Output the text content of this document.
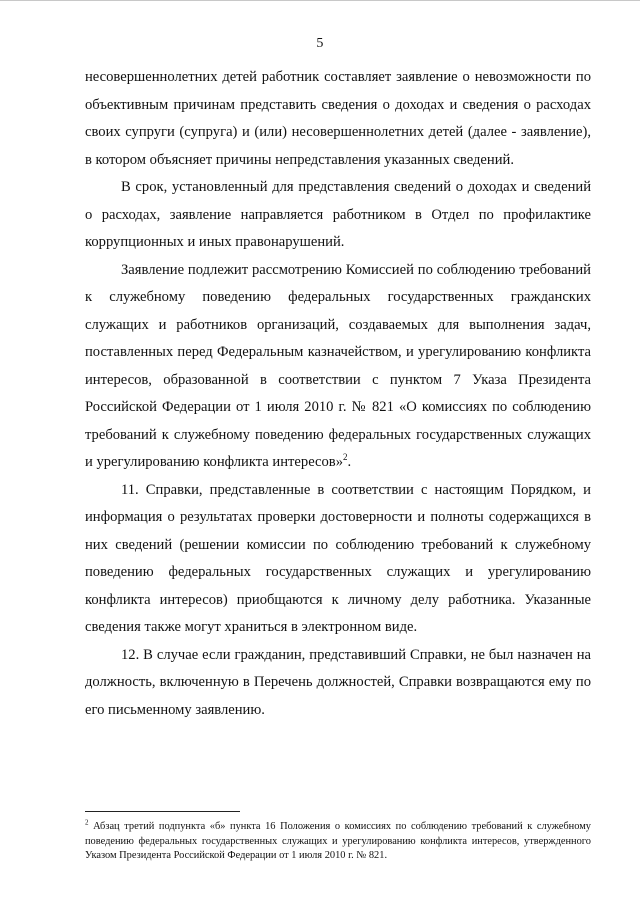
5

несовершеннолетних детей работник составляет заявление о невозможности по объективным причинам представить сведения о доходах и сведения о расходах своих супруги (супруга) и (или) несовершеннолетних детей (далее - заявление), в котором объясняет причины непредставления указанных сведений.

В срок, установленный для представления сведений о доходах и сведений о расходах, заявление направляется работником в Отдел по профилактике коррупционных и иных правонарушений.

Заявление подлежит рассмотрению Комиссией по соблюдению требований к служебному поведению федеральных государственных гражданских служащих и работников организаций, создаваемых для выполнения задач, поставленных перед Федеральным казначейством, и урегулированию конфликта интересов, образованной в соответствии с пунктом 7 Указа Президента Российской Федерации от 1 июля 2010 г. № 821 «О комиссиях по соблюдению требований к служебному поведению федеральных государственных служащих и урегулированию конфликта интересов»$^2$.

11. Справки, представленные в соответствии с настоящим Порядком, и информация о результатах проверки достоверности и полноты содержащихся в них сведений (решении комиссии по соблюдению требований к служебному поведению федеральных государственных служащих и урегулированию конфликта интересов) приобщаются к личному делу работника. Указанные сведения также могут храниться в электронном виде.

12. В случае если гражданин, представивший Справки, не был назначен на должность, включенную в Перечень должностей, Справки возвращаются ему по его письменному заявлению.

$^2$ Абзац третий подпункта «б» пункта 16 Положения о комиссиях по соблюдению требований к служебному поведению федеральных государственных служащих и урегулированию конфликта интересов, утвержденного Указом Президента Российской Федерации от 1 июля 2010 г. № 821.
